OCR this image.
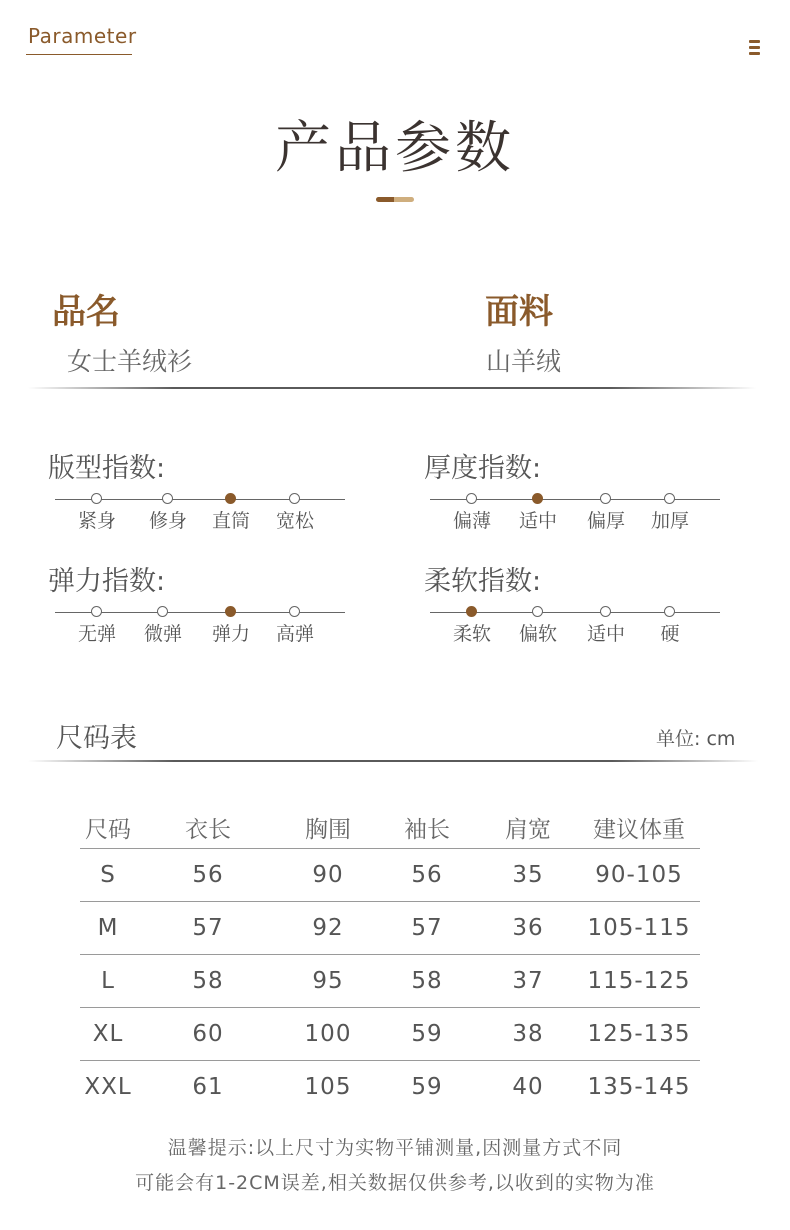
Parameter
产品参数
品名
女士羊绒衫
面料
山羊绒
版型指数:
紧身	修身	直筒	宽松
厚度指数:
偏薄	适中	偏厚	加厚
弹力指数:
无弹	微弹	弹力	高弹
柔软指数:
柔软	偏软	适中	硬
尺码表	单位: cm
尺码	衣长	胸围	袖长	肩宽	建议体重
S	56	90	56	35	90-105
M	57	92	57	36	105-115
L	58	95	58	37	115-125
XL	60	100	59	38	125-135
XXL	61	105	59	40	135-145
温馨提示:以上尺寸为实物平铺测量,因测量方式不同
可能会有1-2CM误差,相关数据仅供参考,以收到的实物为准
